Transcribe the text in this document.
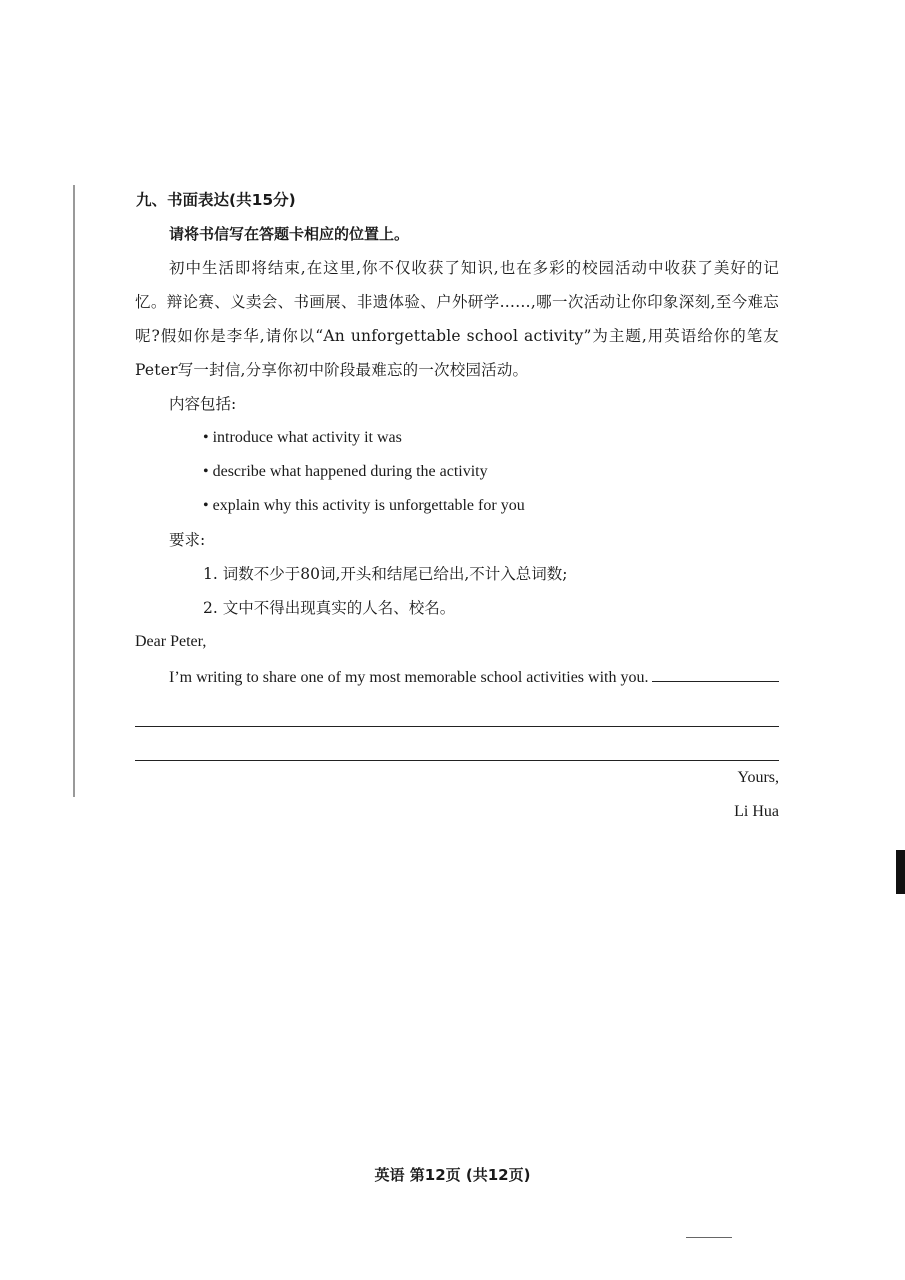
九、书面表达(共15分)
请将书信写在答题卡相应的位置上。

初中生活即将结束,在这里,你不仅收获了知识,也在多彩的校园活动中收获了美好的记忆。辩论赛、义卖会、书画展、非遗体验、户外研学……,哪一次活动让你印象深刻,至今难忘呢?假如你是李华,请你以“An unforgettable school activity”为主题,用英语给你的笔友Peter写一封信,分享你初中阶段最难忘的一次校园活动。

内容包括:
• introduce what activity it was
• describe what happened during the activity
• explain why this activity is unforgettable for you
要求:
1. 词数不少于80词,开头和结尾已给出,不计入总词数;
2. 文中不得出现真实的人名、校名。
Dear Peter,
I’m writing to share one of my most memorable school activities with you.
Yours,
Li Hua
英语 第12页 (共12页)
